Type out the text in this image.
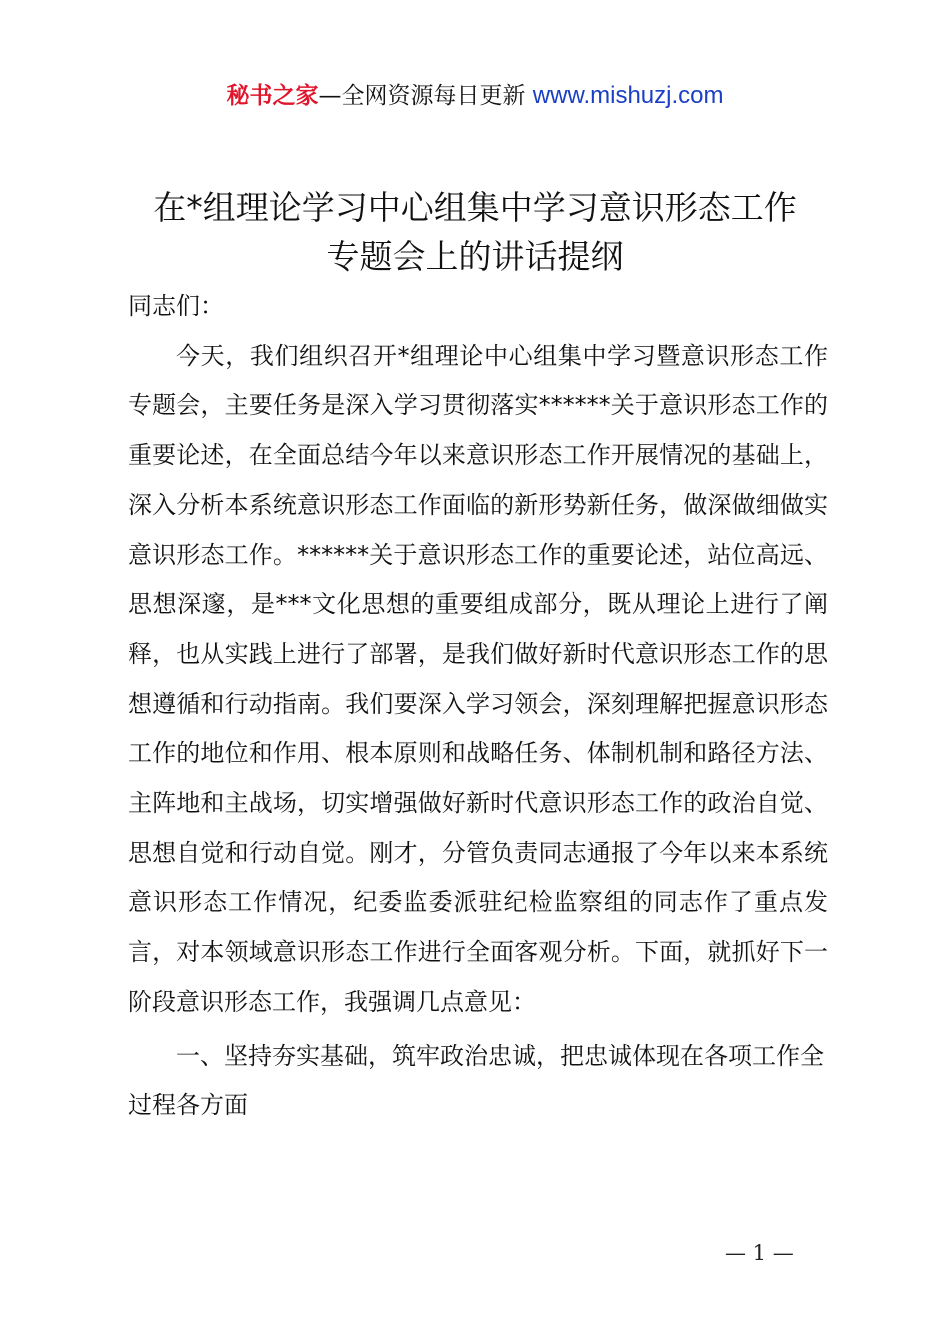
秘书之家—全网资源每日更新 www.mishuzj.com
在*组理论学习中心组集中学习意识形态工作
专题会上的讲话提纲
同志们：
今天，我们组织召开*组理论中心组集中学习暨意识形态工作专题会，主要任务是深入学习贯彻落实******关于意识形态工作的重要论述，在全面总结今年以来意识形态工作开展情况的基础上，深入分析本系统意识形态工作面临的新形势新任务，做深做细做实意识形态工作。******关于意识形态工作的重要论述，站位高远、思想深邃，是***文化思想的重要组成部分，既从理论上进行了阐释，也从实践上进行了部署，是我们做好新时代意识形态工作的思想遵循和行动指南。我们要深入学习领会，深刻理解把握意识形态工作的地位和作用、根本原则和战略任务、体制机制和路径方法、主阵地和主战场，切实增强做好新时代意识形态工作的政治自觉、思想自觉和行动自觉。刚才，分管负责同志通报了今年以来本系统意识形态工作情况，纪委监委派驻纪检监察组的同志作了重点发言，对本领域意识形态工作进行全面客观分析。下面，就抓好下一阶段意识形态工作，我强调几点意见：
一、坚持夯实基础，筑牢政治忠诚，把忠诚体现在各项工作全过程各方面
— 1 —
